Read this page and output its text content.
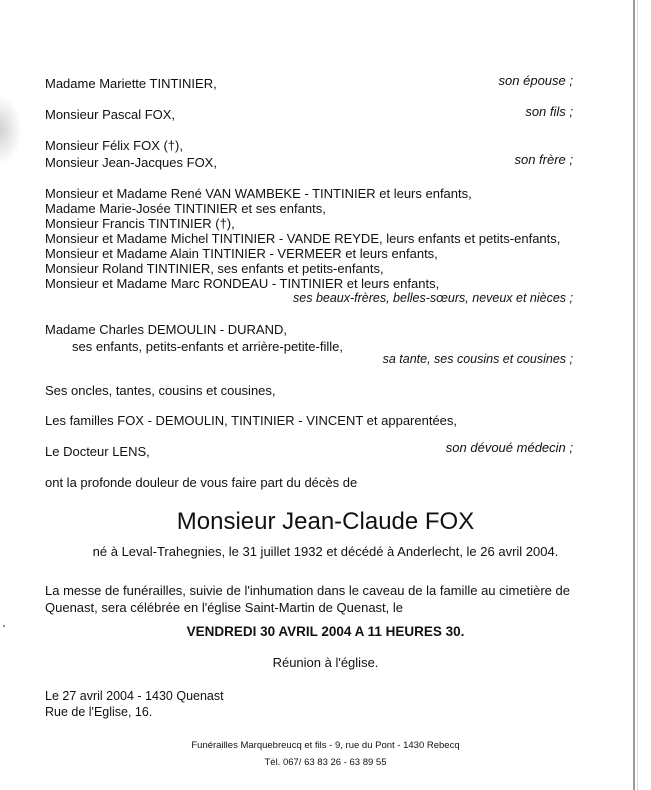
Madame Mariette TINTINIER,	son épouse ;
Monsieur Pascal FOX,	son fils ;
Monsieur Félix FOX (†),
Monsieur Jean-Jacques FOX,	son frère ;
Monsieur et Madame René VAN WAMBEKE - TINTINIER et leurs enfants,
Madame Marie-Josée TINTINIER et ses enfants,
Monsieur Francis TINTINIER (†),
Monsieur et Madame Michel TINTINIER - VANDE REYDE, leurs enfants et petits-enfants,
Monsieur et Madame Alain TINTINIER - VERMEER et leurs enfants,
Monsieur Roland TINTINIER, ses enfants et petits-enfants,
Monsieur et Madame Marc RONDEAU - TINTINIER et leurs enfants,
ses beaux-frères, belles-sœurs, neveux et nièces ;
Madame Charles DEMOULIN - DURAND,
ses enfants, petits-enfants et arrière-petite-fille,
sa tante, ses cousins et cousines ;
Ses oncles, tantes, cousins et cousines,
Les familles FOX - DEMOULIN, TINTINIER - VINCENT et apparentées,
Le Docteur LENS,	son dévoué médecin ;
ont la profonde douleur de vous faire part du décès de
Monsieur Jean-Claude FOX
né à Leval-Trahegnies, le 31 juillet 1932 et décédé à Anderlecht, le 26 avril 2004.
La messe de funérailles, suivie de l'inhumation dans le caveau de la famille au cimetière de
Quenast, sera célébrée en l'église Saint-Martin de Quenast, le
VENDREDI 30 AVRIL 2004 A 11 HEURES 30.
Réunion à l'église.
Le 27 avril 2004 - 1430 Quenast
Rue de l'Eglise, 16.
Funérailles Marquebreucq et fils - 9, rue du Pont - 1430 Rebecq
Tél. 067/ 63 83 26 - 63 89 55
